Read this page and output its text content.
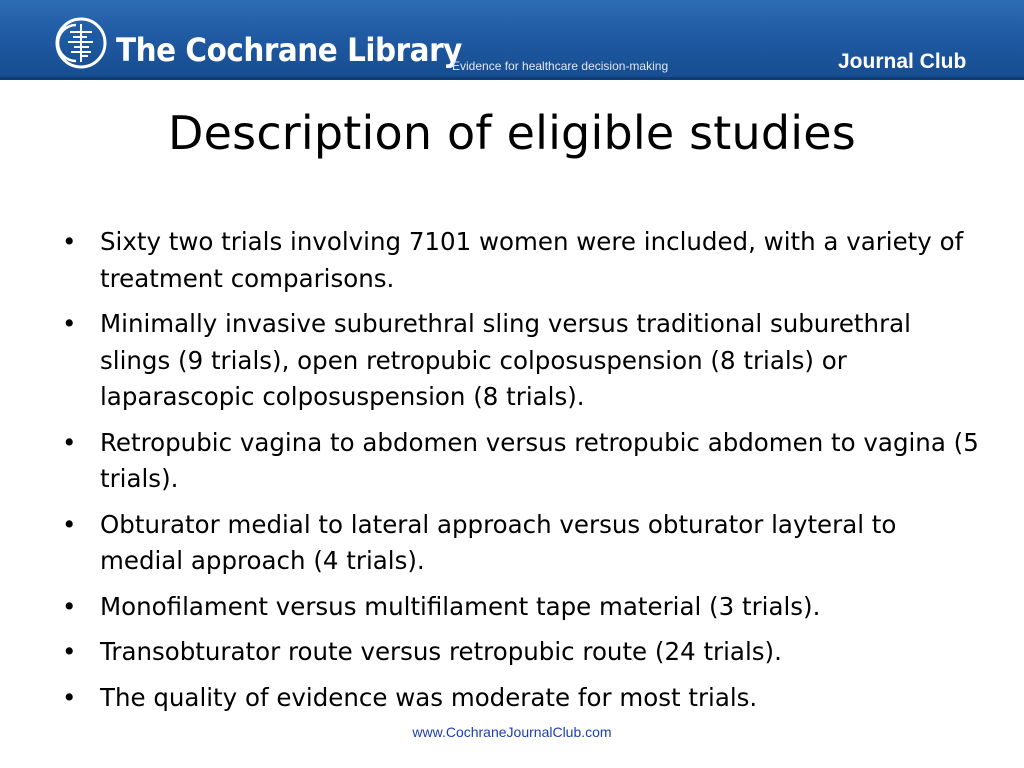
The Cochrane Library
Evidence for healthcare decision-making	Journal Club
Description of eligible studies
• Sixty two trials involving 7101 women were included, with a variety of treatment comparisons.
• Minimally invasive suburethral sling versus traditional suburethral slings (9 trials), open retropubic colposuspension (8 trials) or laparascopic colposuspension (8 trials).
• Retropubic vagina to abdomen versus retropubic abdomen to vagina (5 trials).
• Obturator medial to lateral approach versus obturator layteral to medial approach (4 trials).
• Monofilament versus multifilament tape material (3 trials).
• Transobturator route versus retropubic route (24 trials).
• The quality of evidence was moderate for most trials.
www.CochraneJournalClub.com
